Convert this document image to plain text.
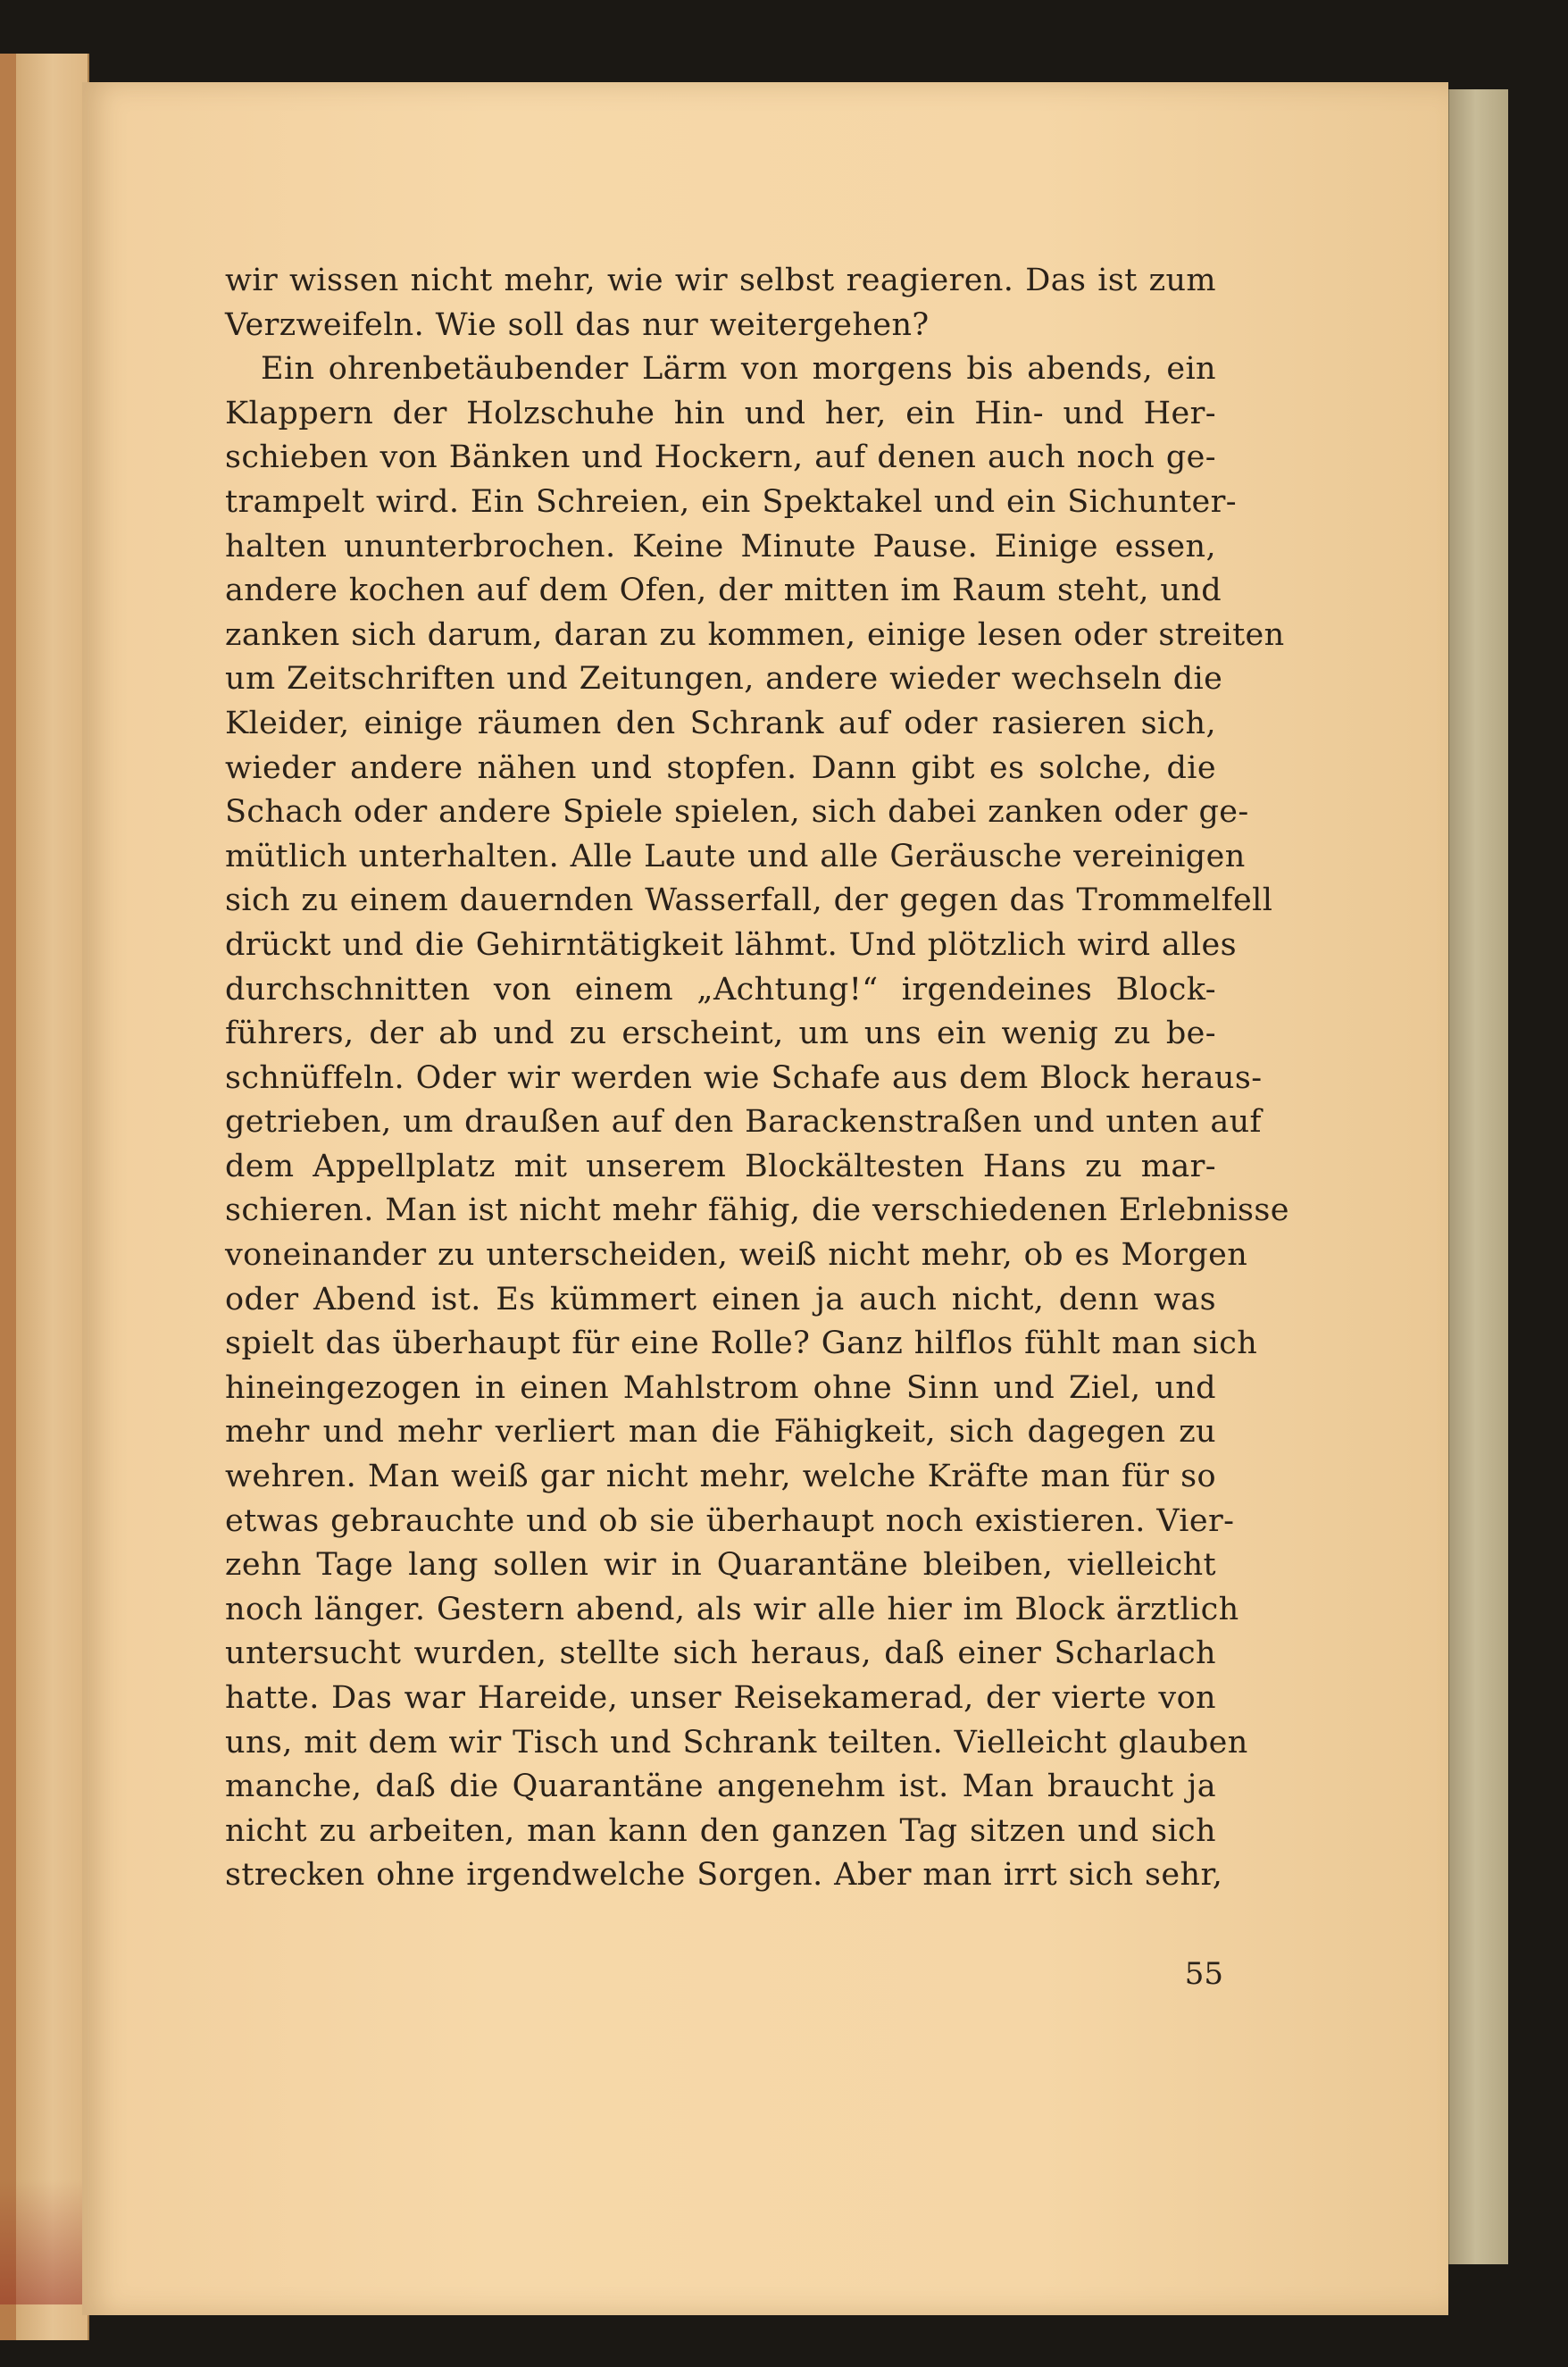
wir wissen nicht mehr, wie wir selbst reagieren. Das ist zum
Verzweifeln. Wie soll das nur weitergehen?
Ein ohrenbetäubender Lärm von morgens bis abends, ein
Klappern der Holzschuhe hin und her, ein Hin- und Her-
schieben von Bänken und Hockern, auf denen auch noch ge-
trampelt wird. Ein Schreien, ein Spektakel und ein Sichunter-
halten ununterbrochen. Keine Minute Pause. Einige essen,
andere kochen auf dem Ofen, der mitten im Raum steht, und
zanken sich darum, daran zu kommen, einige lesen oder streiten
um Zeitschriften und Zeitungen, andere wieder wechseln die
Kleider, einige räumen den Schrank auf oder rasieren sich,
wieder andere nähen und stopfen. Dann gibt es solche, die
Schach oder andere Spiele spielen, sich dabei zanken oder ge-
mütlich unterhalten. Alle Laute und alle Geräusche vereinigen
sich zu einem dauernden Wasserfall, der gegen das Trommelfell
drückt und die Gehirntätigkeit lähmt. Und plötzlich wird alles
durchschnitten von einem „Achtung!“ irgendeines Block-
führers, der ab und zu erscheint, um uns ein wenig zu be-
schnüffeln. Oder wir werden wie Schafe aus dem Block heraus-
getrieben, um draußen auf den Barackenstraßen und unten auf
dem Appellplatz mit unserem Blockältesten Hans zu mar-
schieren. Man ist nicht mehr fähig, die verschiedenen Erlebnisse
voneinander zu unterscheiden, weiß nicht mehr, ob es Morgen
oder Abend ist. Es kümmert einen ja auch nicht, denn was
spielt das überhaupt für eine Rolle? Ganz hilflos fühlt man sich
hineingezogen in einen Mahlstrom ohne Sinn und Ziel, und
mehr und mehr verliert man die Fähigkeit, sich dagegen zu
wehren. Man weiß gar nicht mehr, welche Kräfte man für so
etwas gebrauchte und ob sie überhaupt noch existieren. Vier-
zehn Tage lang sollen wir in Quarantäne bleiben, vielleicht
noch länger. Gestern abend, als wir alle hier im Block ärztlich
untersucht wurden, stellte sich heraus, daß einer Scharlach
hatte. Das war Hareide, unser Reisekamerad, der vierte von
uns, mit dem wir Tisch und Schrank teilten. Vielleicht glauben
manche, daß die Quarantäne angenehm ist. Man braucht ja
nicht zu arbeiten, man kann den ganzen Tag sitzen und sich
strecken ohne irgendwelche Sorgen. Aber man irrt sich sehr,
55
